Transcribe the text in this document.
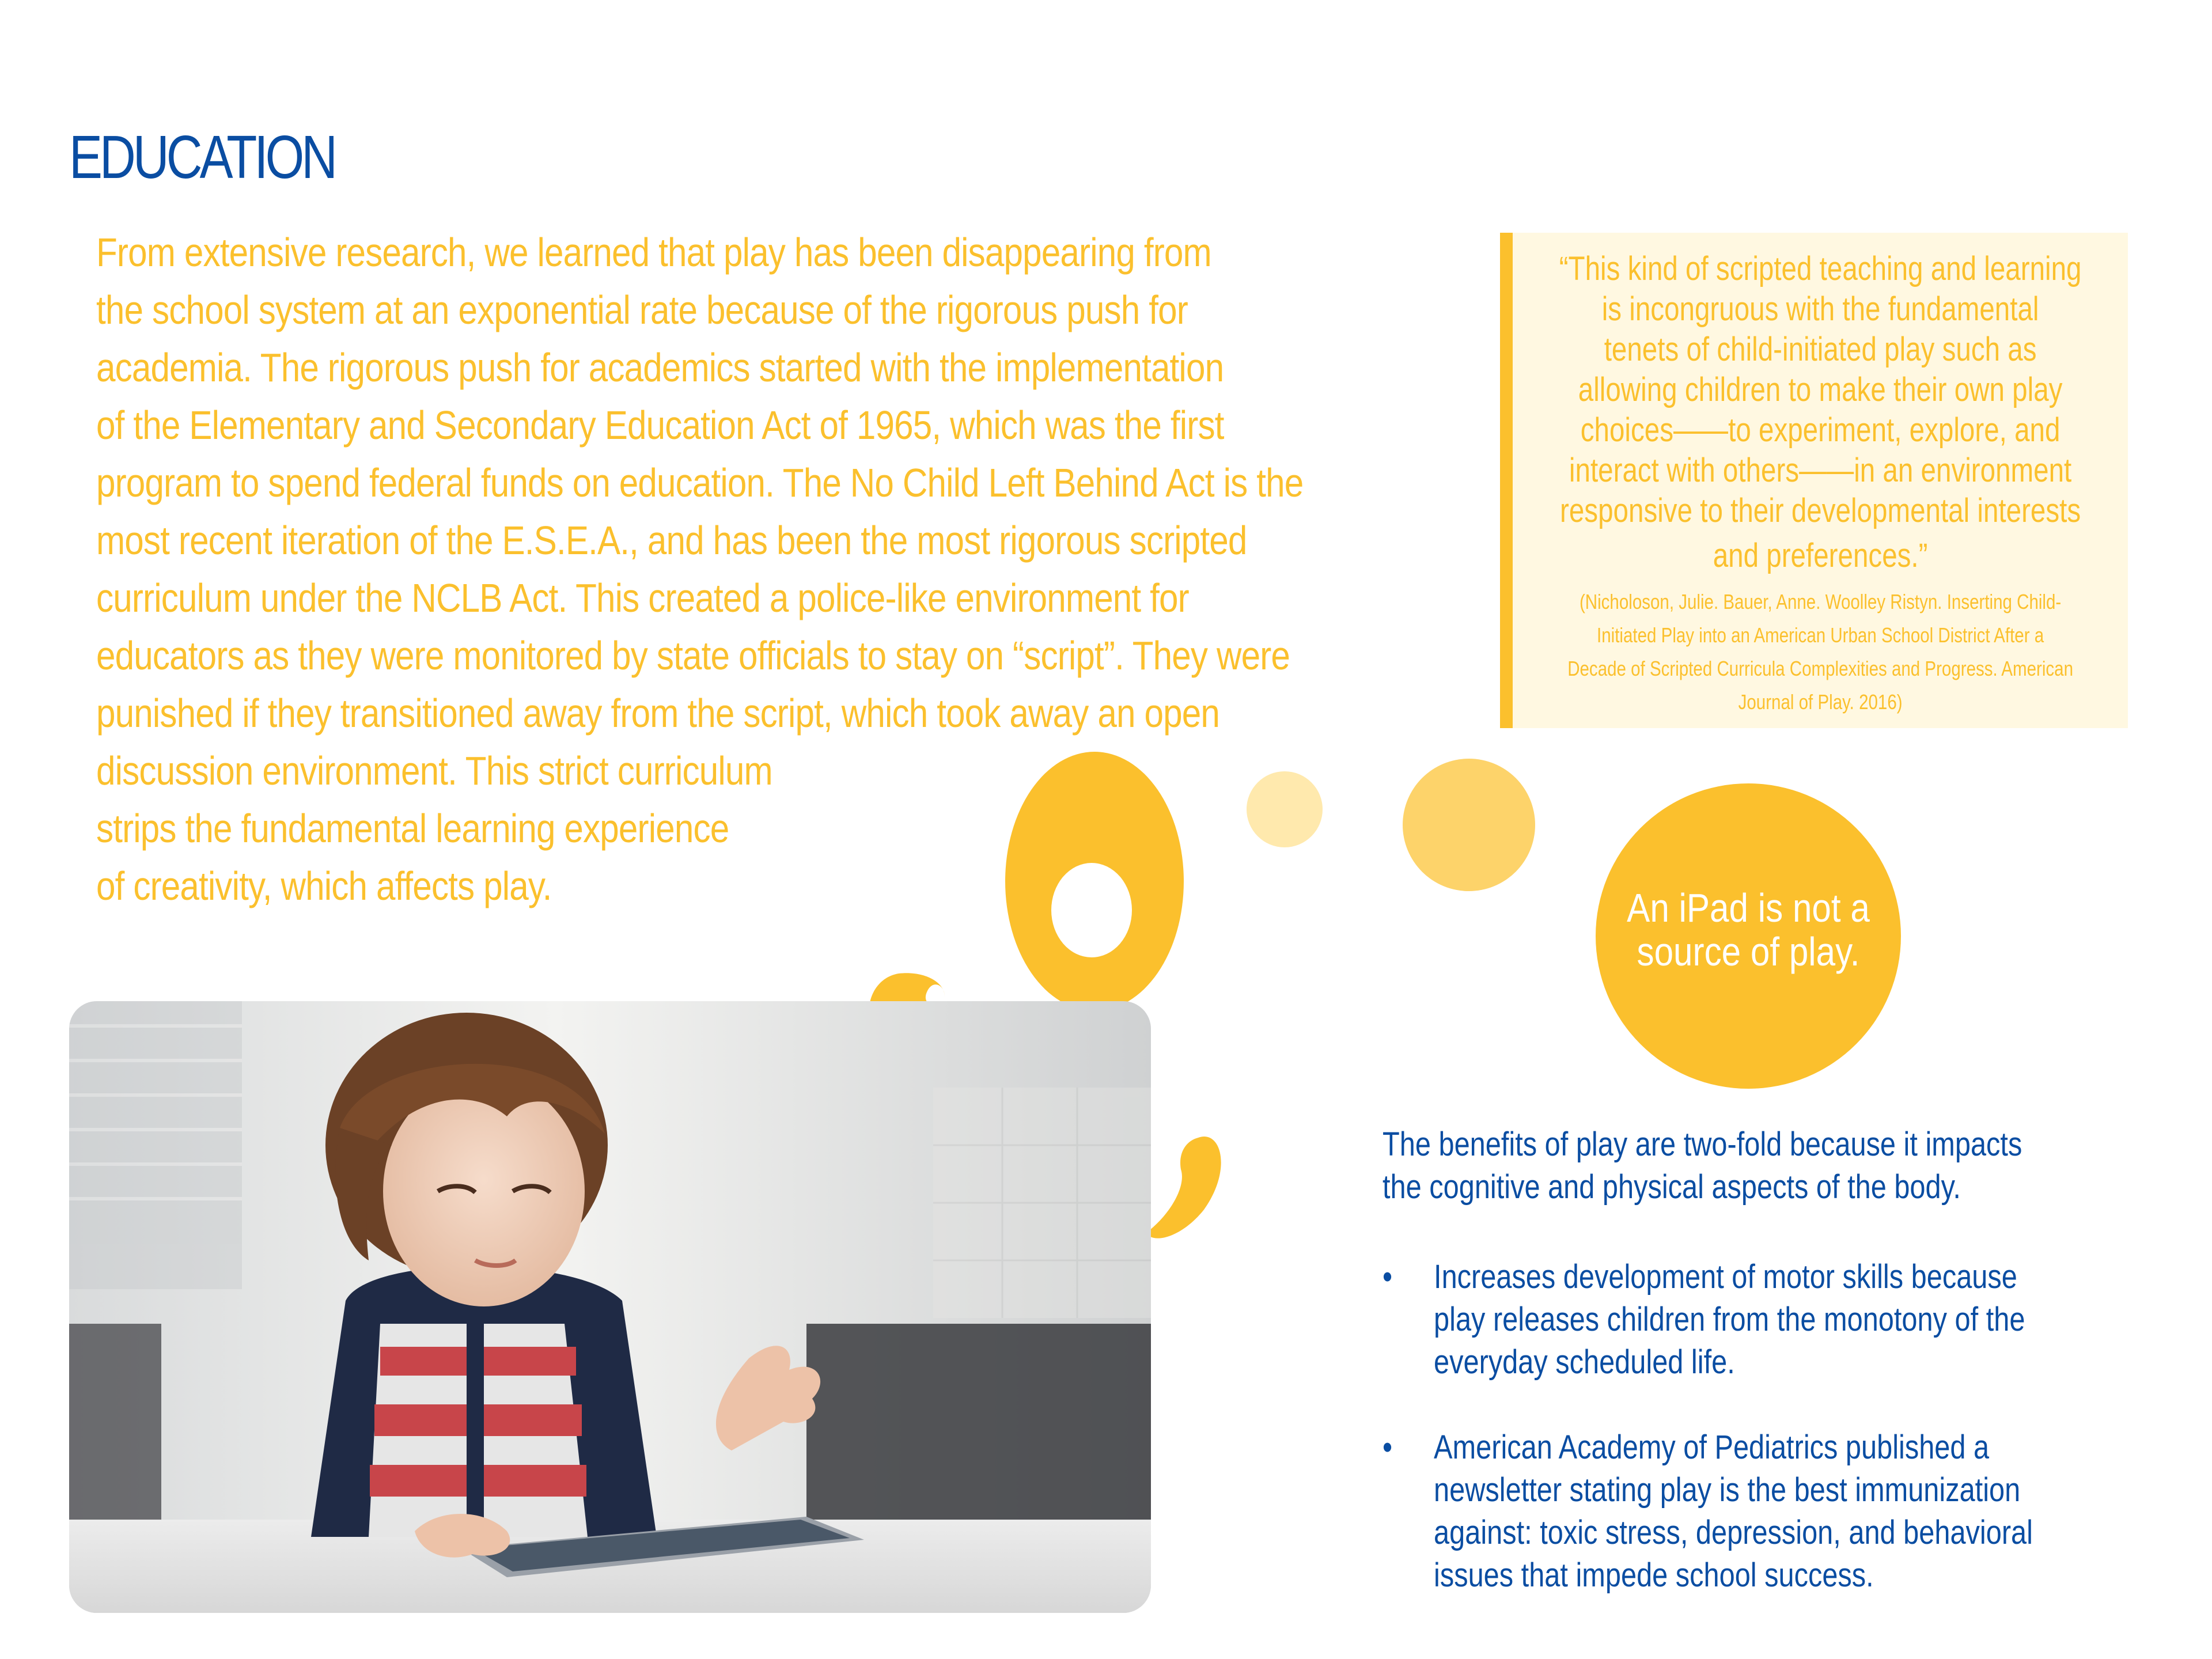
EDUCATION
From extensive research, we learned that play has been disappearing from
the school system at an exponential rate because of the rigorous push for
academia. The rigorous push for academics started with the implementation
of the Elementary and Secondary Education Act of 1965, which was the first
program to spend federal funds on education. The No Child Left Behind Act is the
most recent iteration of the E.S.E.A., and has been the most rigorous scripted
curriculum under the NCLB Act. This created a police-like environment for
educators as they were monitored by state officials to stay on “script”. They were
punished if they transitioned away from the script, which took away an open
discussion environment. This strict curriculum
strips the fundamental learning experience
of creativity, which affects play.
“This kind of scripted teaching and learning
is incongruous with the fundamental
tenets of child-initiated play such as
allowing children to make their own play
choices——to experiment, explore, and
interact with others——in an environment
responsive to their developmental interests
and preferences.”
(Nicholoson, Julie. Bauer, Anne. Woolley Ristyn. Inserting Child-
Initiated Play into an American Urban School District After a
Decade of Scripted Curricula Complexities and Progress. American
Journal of Play. 2016)
An iPad is not a
source of play.
The benefits of play are two-fold because it impacts
the cognitive and physical aspects of the body.
• Increases development of motor skills because
play releases children from the monotony of the
everyday scheduled life.
• American Academy of Pediatrics published a
newsletter stating play is the best immunization
against: toxic stress, depression, and behavioral
issues that impede school success.
